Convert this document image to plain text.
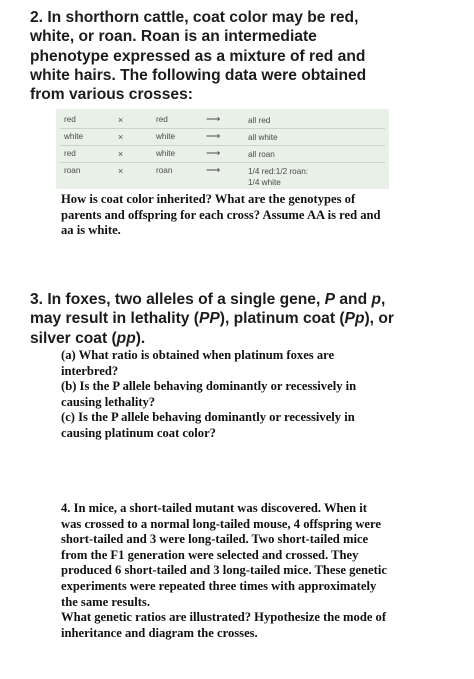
2. In shorthorn cattle, coat color may be red,
white, or roan. Roan is an intermediate
phenotype expressed as a mixture of red and
white hairs. The following data were obtained
from various crosses:
red	×	red	⟶	all red
white	×	white	⟶	all white
red	×	white	⟶	all roan
roan	×	roan	⟶	1/4 red:1/2 roan:
1/4 white
How is coat color inherited? What are the genotypes of
parents and offspring for each cross? Assume AA is red and
aa is white.
3. In foxes, two alleles of a single gene, P and p,
may result in lethality (PP), platinum coat (Pp), or
silver coat (pp).
(a) What ratio is obtained when platinum foxes are
interbred?
(b) Is the P allele behaving dominantly or recessively in
causing lethality?
(c) Is the P allele behaving dominantly or recessively in
causing platinum coat color?
4. In mice, a short-tailed mutant was discovered. When it
was crossed to a normal long-tailed mouse, 4 offspring were
short-tailed and 3 were long-tailed. Two short-tailed mice
from the F1 generation were selected and crossed. They
produced 6 short-tailed and 3 long-tailed mice. These genetic
experiments were repeated three times with approximately
the same results.
What genetic ratios are illustrated? Hypothesize the mode of
inheritance and diagram the crosses.
